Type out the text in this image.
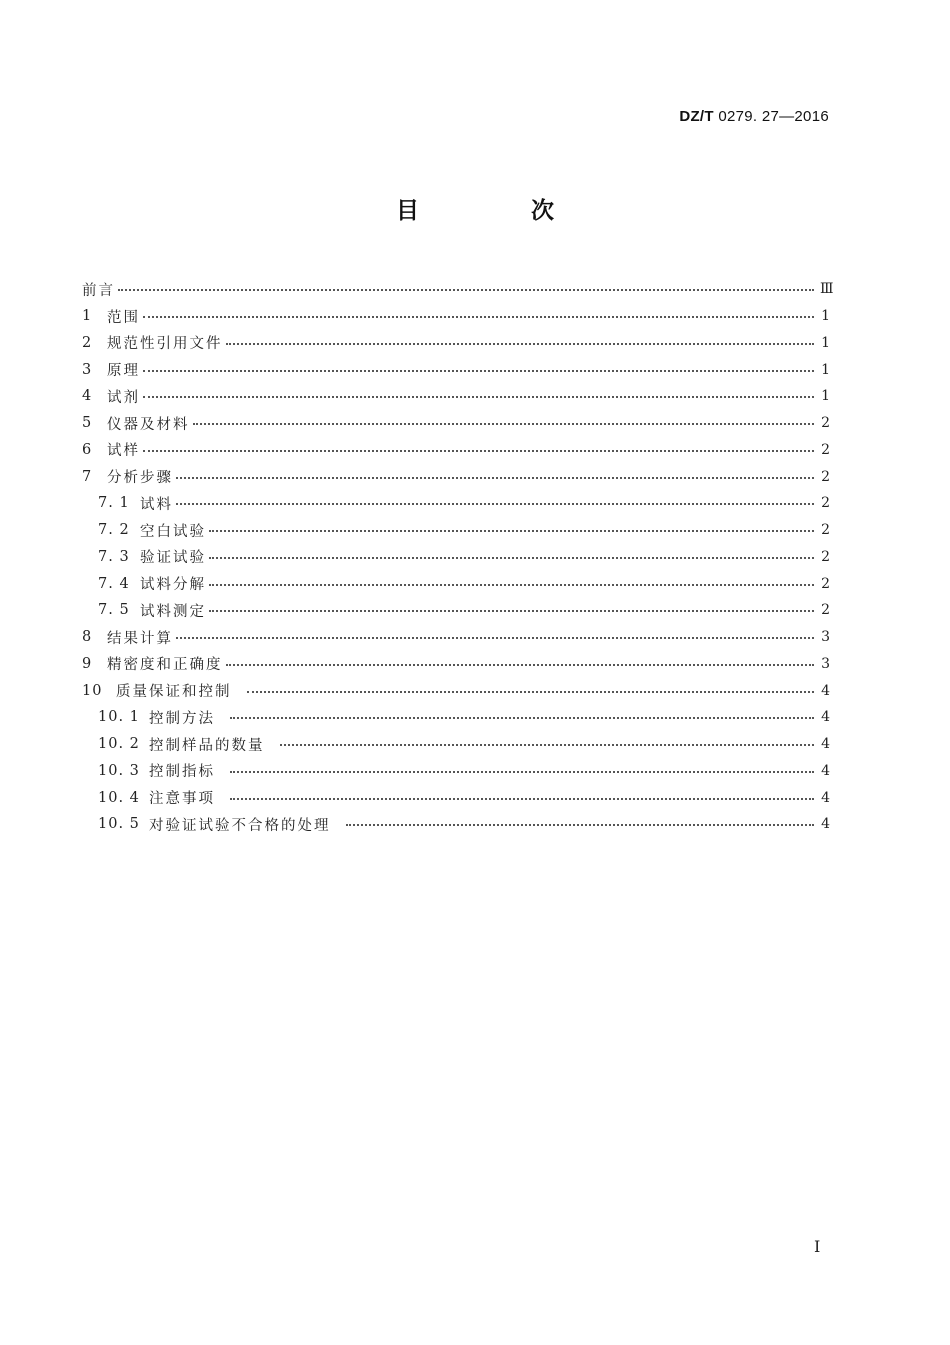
DZ/T 0279. 27—2016
目 次
前言	Ⅲ
1	范围	1
2	规范性引用文件	1
3	原理	1
4	试剂	1
5	仪器及材料	2
6	试样	2
7	分析步骤	2
7. 1 试料	2
7. 2 空白试验	2
7. 3 验证试验	2
7. 4 试料分解	2
7. 5 试料测定	2
8	结果计算	3
9	精密度和正确度	3
10 质量保证和控制	4
10. 1 控制方法	4
10. 2 控制样品的数量	4
10. 3 控制指标	4
10. 4 注意事项	4
10. 5 对验证试验不合格的处理	4
Ⅰ
